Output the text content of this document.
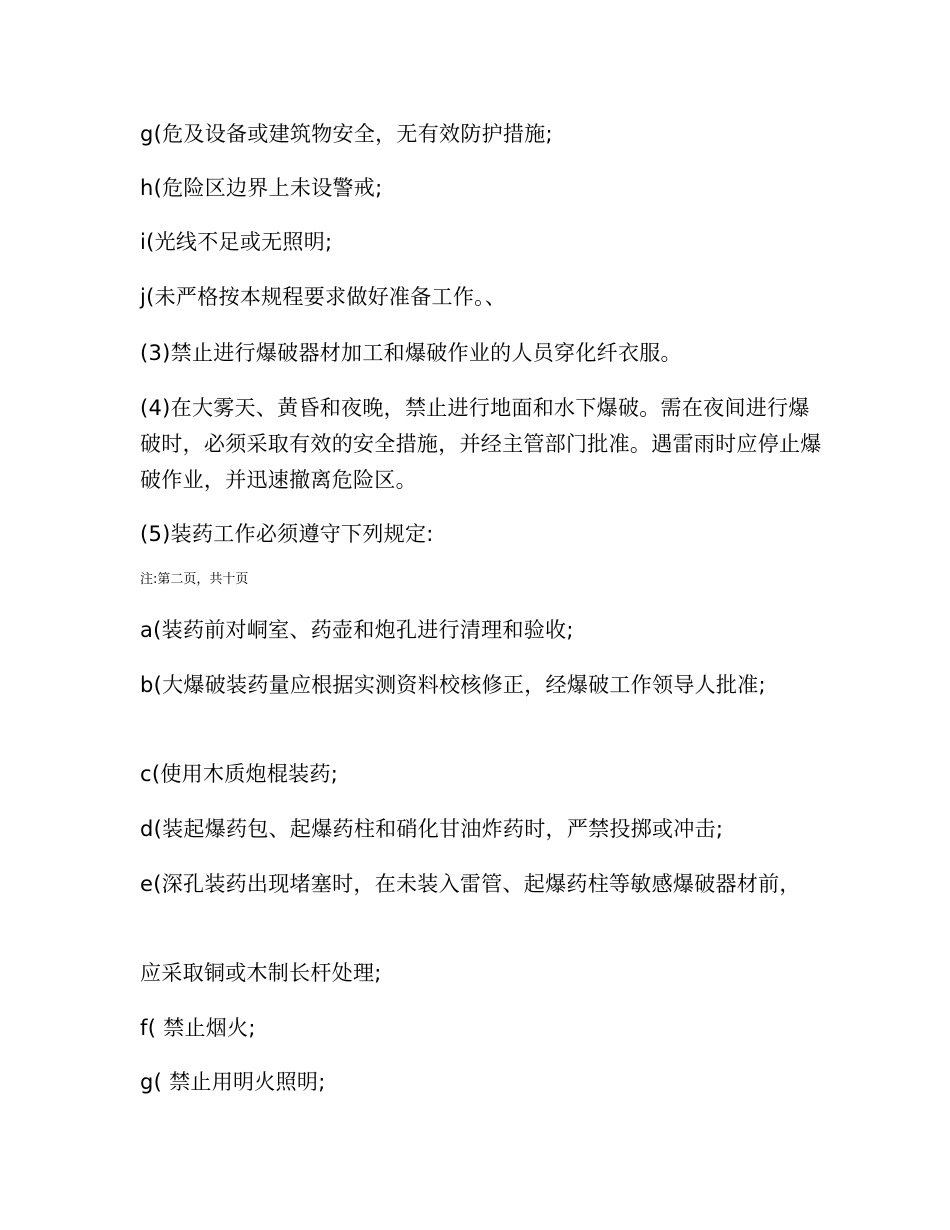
g(危及设备或建筑物安全，无有效防护措施;
h(危险区边界上未设警戒;
i(光线不足或无照明;
j(未严格按本规程要求做好准备工作。、
(3)禁止进行爆破器材加工和爆破作业的人员穿化纤衣服。
(4)在大雾天、黄昏和夜晚，禁止进行地面和水下爆破。需在夜间进行爆破时，必须采取有效的安全措施，并经主管部门批准。遇雷雨时应停止爆破作业，并迅速撤离危险区。
(5)装药工作必须遵守下列规定:
注:第二页，共十页
a(装药前对峒室、药壶和炮孔进行清理和验收;
b(大爆破装药量应根据实测资料校核修正，经爆破工作领导人批准;
c(使用木质炮棍装药;
d(装起爆药包、起爆药柱和硝化甘油炸药时，严禁投掷或冲击;
e(深孔装药出现堵塞时，在未装入雷管、起爆药柱等敏感爆破器材前，
应采取铜或木制长杆处理;
f( 禁止烟火;
g( 禁止用明火照明;
